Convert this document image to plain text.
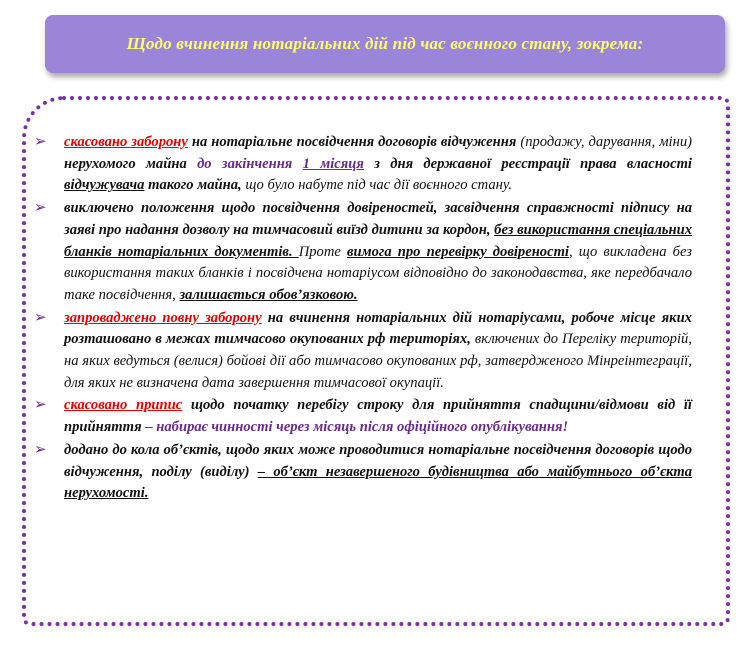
Щодо вчинення нотаріальних дій під час воєнного стану, зокрема:
➢ скасовано заборону на нотаріальне посвідчення договорів відчуження (продажу, дарування, міни) нерухомого майна до закінчення 1 місяця з дня державної реєстрації права власності відчужувача такого майна, що було набуте під час дії воєнного стану.
➢ виключено положення щодо посвідчення довіреностей, засвідчення справжності підпису на заяві про надання дозволу на тимчасовий виїзд дитини за кордон, без використання спеціальних бланків нотаріальних документів. Проте вимога про перевірку довіреності, що викладена без використання таких бланків і посвідчена нотаріусом відповідно до законодавства, яке передбачало таке посвідчення, залишається обов’язковою.
➢ запроваджено повну заборону на вчинення нотаріальних дій нотаріусами, робоче місце яких розташовано в межах тимчасово окупованих рф територіях, включених до Переліку територій, на яких ведуться (велися) бойові дії або тимчасово окупованих рф, затвердженого Мінреінтеграції, для яких не визначена дата завершення тимчасової окупації.
➢ скасовано припис щодо початку перебігу строку для прийняття спадщини/відмови від її прийняття – набирає чинності через місяць після офіційного опублікування!
➢ додано до кола об’єктів, щодо яких може проводитися нотаріальне посвідчення договорів щодо відчуження, поділу (виділу) – об’єкт незавершеного будівництва або майбутнього об’єкта нерухомості.
